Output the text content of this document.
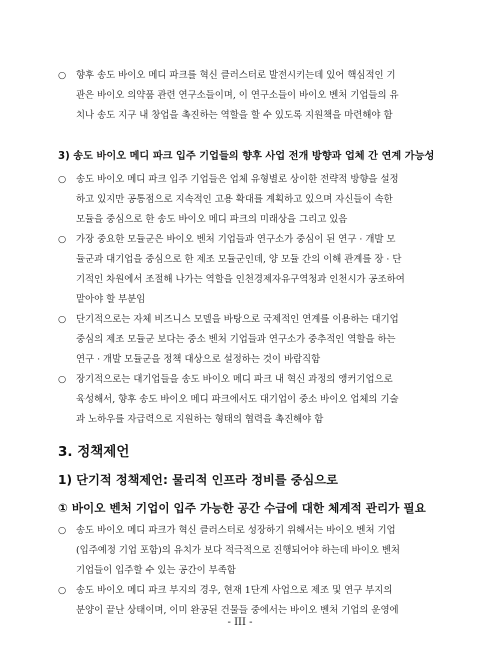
○	향후 송도 바이오 메디 파크를 혁신 클러스터로 발전시키는데 있어 핵심적인 기
관은 바이오 의약품 관련 연구소들이며, 이 연구소들이 바이오 벤처 기업들의 유
치나 송도 지구 내 창업을 촉진하는 역할을 할 수 있도록 지원책을 마련해야 함
3) 송도 바이오 메디 파크 입주 기업들의 향후 사업 전개 방향과 업체 간 연계 가능성
○	송도 바이오 메디 파크 입주 기업들은 업체 유형별로 상이한 전략적 방향을 설정
하고 있지만 공통점으로 지속적인 고용 확대를 계획하고 있으며 자신들이 속한
모듈을 중심으로 한 송도 바이오 메디 파크의 미래상을 그리고 있음
○	가장 중요한 모듈군은 바이오 벤처 기업들과 연구소가 중심이 된 연구 · 개발 모
듈군과 대기업을 중심으로 한 제조 모듈군인데, 양 모듈 간의 이해 관계를 장 · 단
기적인 차원에서 조절해 나가는 역할을 인천경제자유구역청과 인천시가 공조하여
맡아야 할 부분임
○	단기적으로는 자체 비즈니스 모델을 바탕으로 국제적인 연계를 이용하는 대기업
중심의 제조 모듈군 보다는 중소 벤처 기업들과 연구소가 중추적인 역할을 하는
연구 · 개발 모듈군을 정책 대상으로 설정하는 것이 바람직함
○	장기적으로는 대기업들을 송도 바이오 메디 파크 내 혁신 과정의 앵커기업으로
육성해서, 향후 송도 바이오 메디 파크에서도 대기업이 중소 바이오 업체의 기술
과 노하우를 자급력으로 지원하는 형태의 협력을 촉진해야 함
3. 정책제언
1) 단기적 정책제언: 물리적 인프라 정비를 중심으로
① 바이오 벤처 기업이 입주 가능한 공간 수급에 대한 체계적 관리가 필요
○	송도 바이오 메디 파크가 혁신 클러스터로 성장하기 위해서는 바이오 벤처 기업
(입주예정 기업 포함)의 유치가 보다 적극적으로 진행되어야 하는데 바이오 벤처
기업들이 입주할 수 있는 공간이 부족함
○	송도 바이오 메디 파크 부지의 경우, 현재 1단계 사업으로 제조 및 연구 부지의
분양이 끝난 상태이며, 이미 완공된 건물들 중에서는 바이오 벤처 기업의 운영에
- III -
